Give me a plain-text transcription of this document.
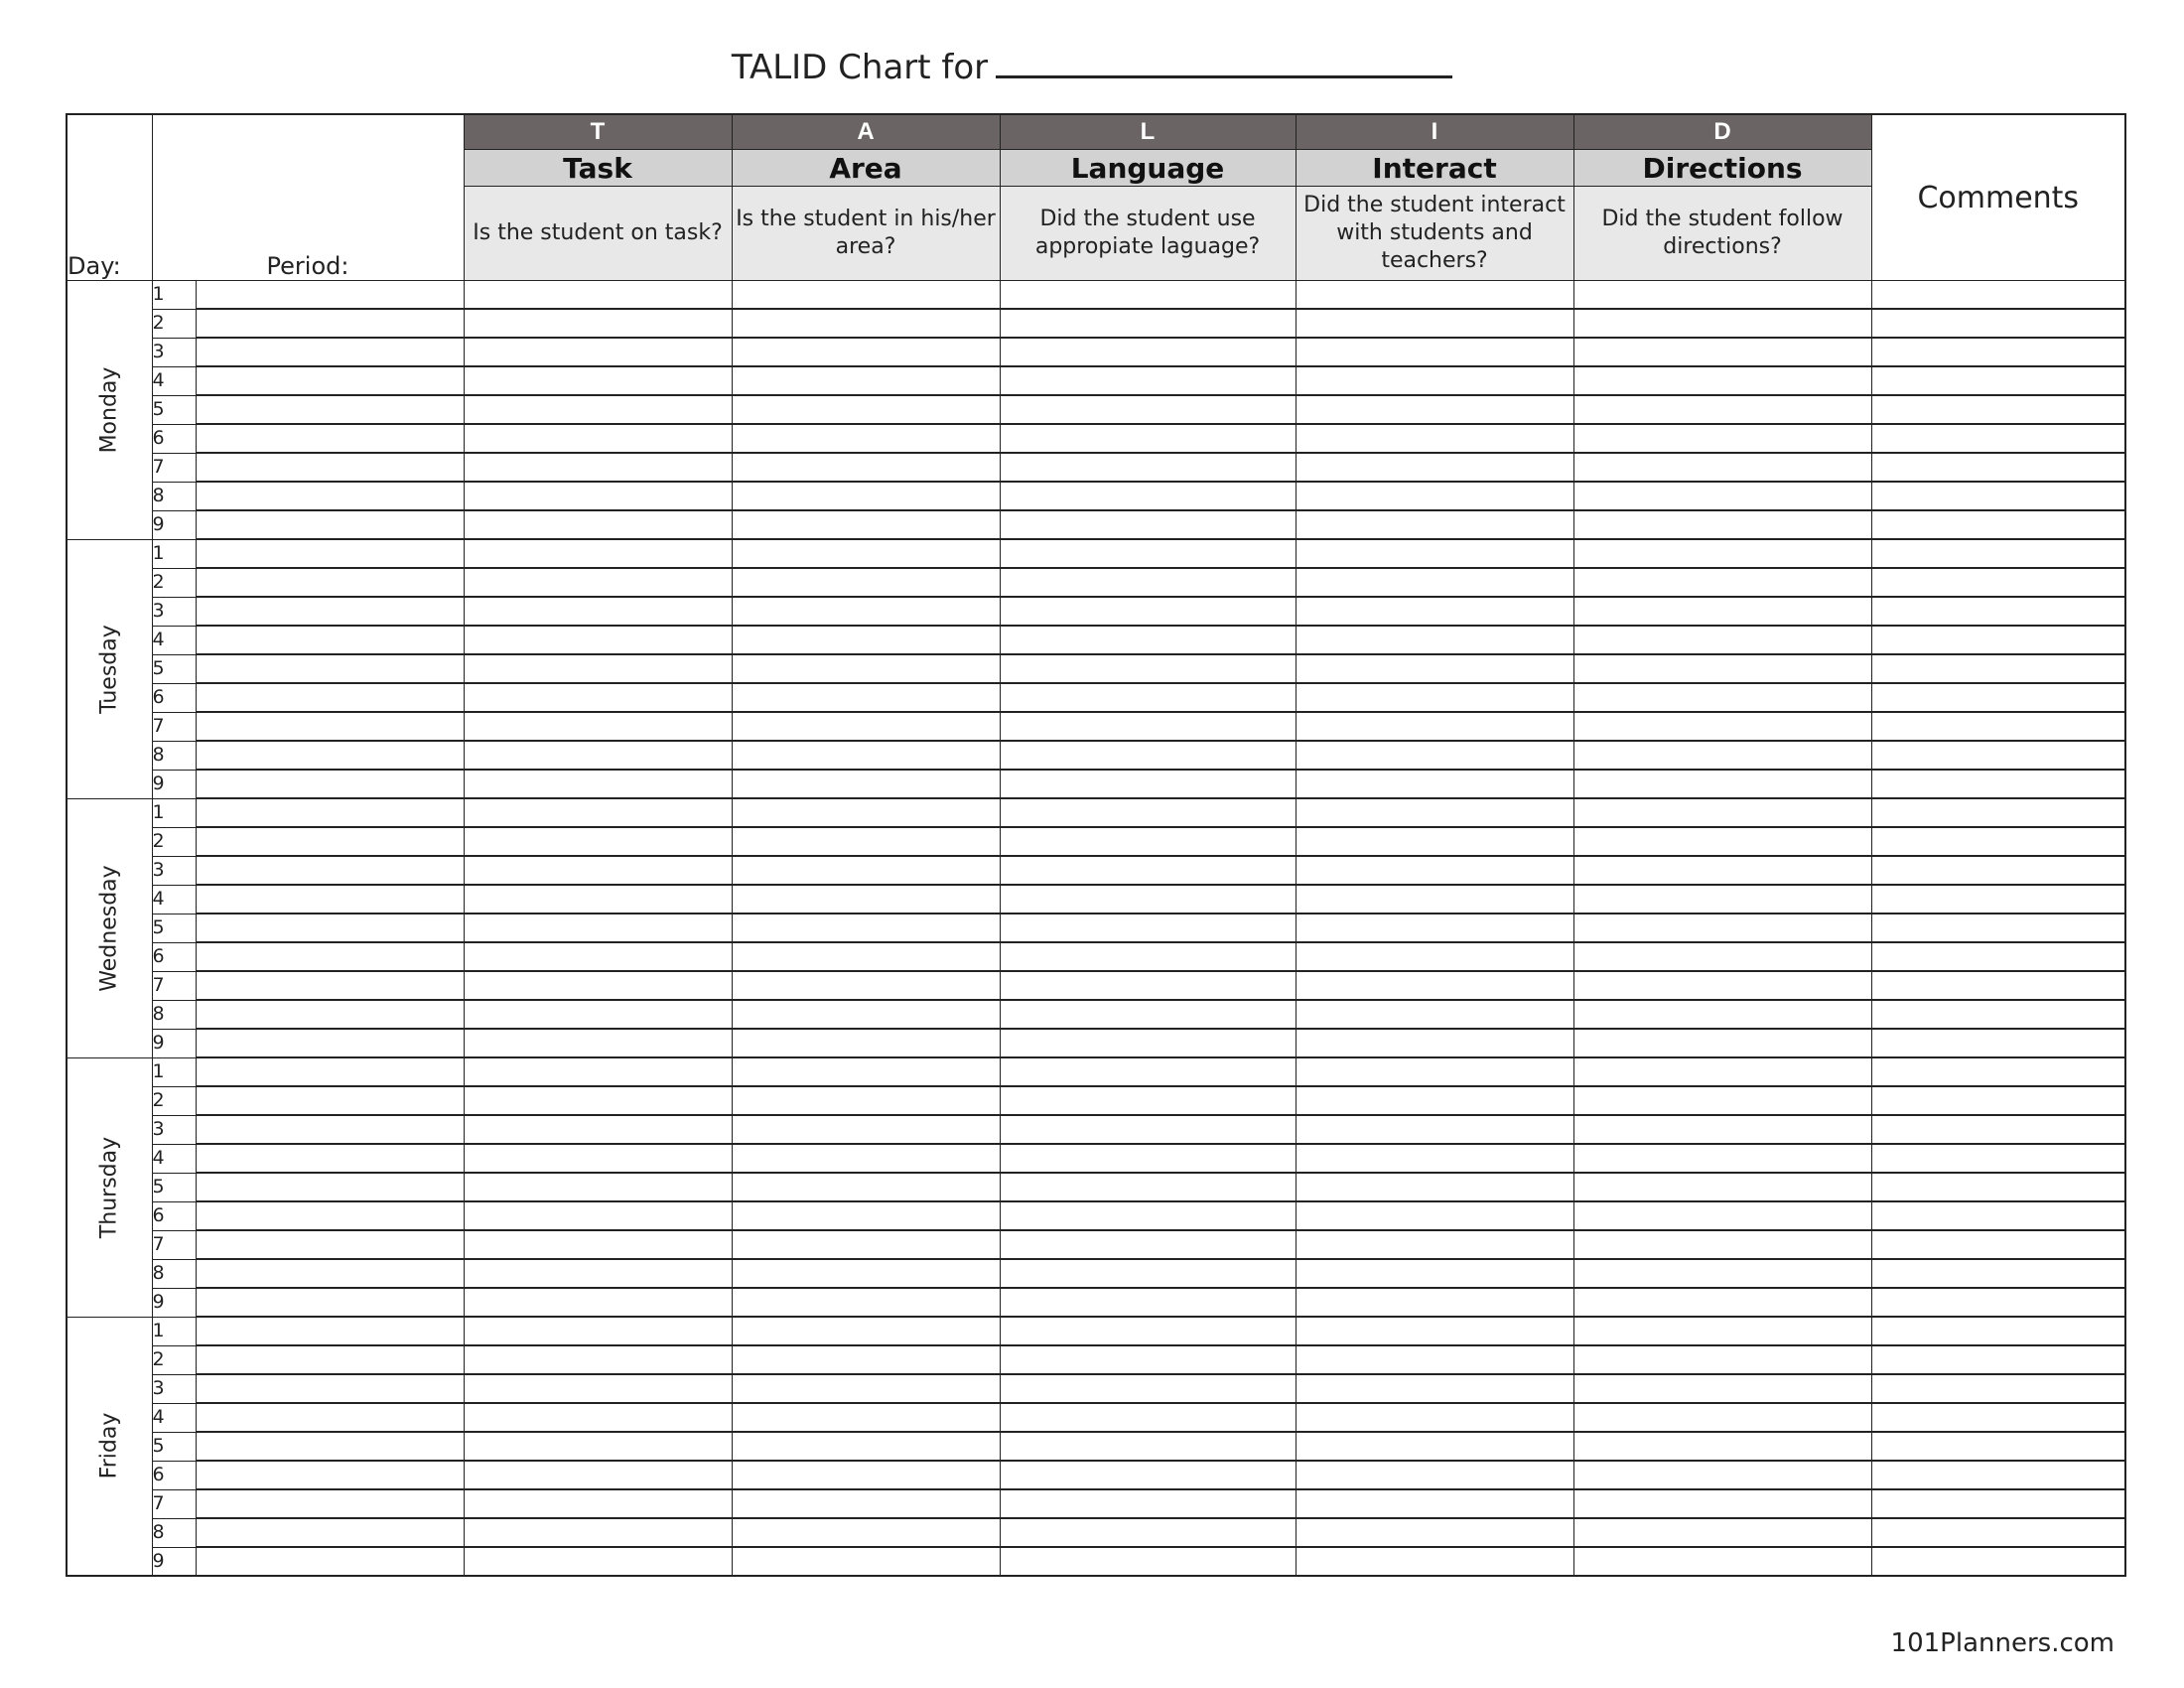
TALID Chart for
Day:	Period:		T	A	L	I	D	Comments
			Task	Area	Language	Interact	Directions	
			Is the student on task?	Is the student in his/her area?	Did the student use appropiate laguage?	Did the student interact with students and teachers?	Did the student follow directions?	

Monday	1							
	2							
	3							
	4							
	5							
	6							
	7							
	8							
	9							

Tuesday	1							
	2							
	3							
	4							
	5							
	6							
	7							
	8							
	9							

Wednesday	1							
	2							
	3							
	4							
	5							
	6							
	7							
	8							
	9							

Thursday	1							
	2							
	3							
	4							
	5							
	6							
	7							
	8							
	9							

Friday	1							
	2							
	3							
	4							
	5							
	6							
	7							
	8							
	9							
101Planners.com
